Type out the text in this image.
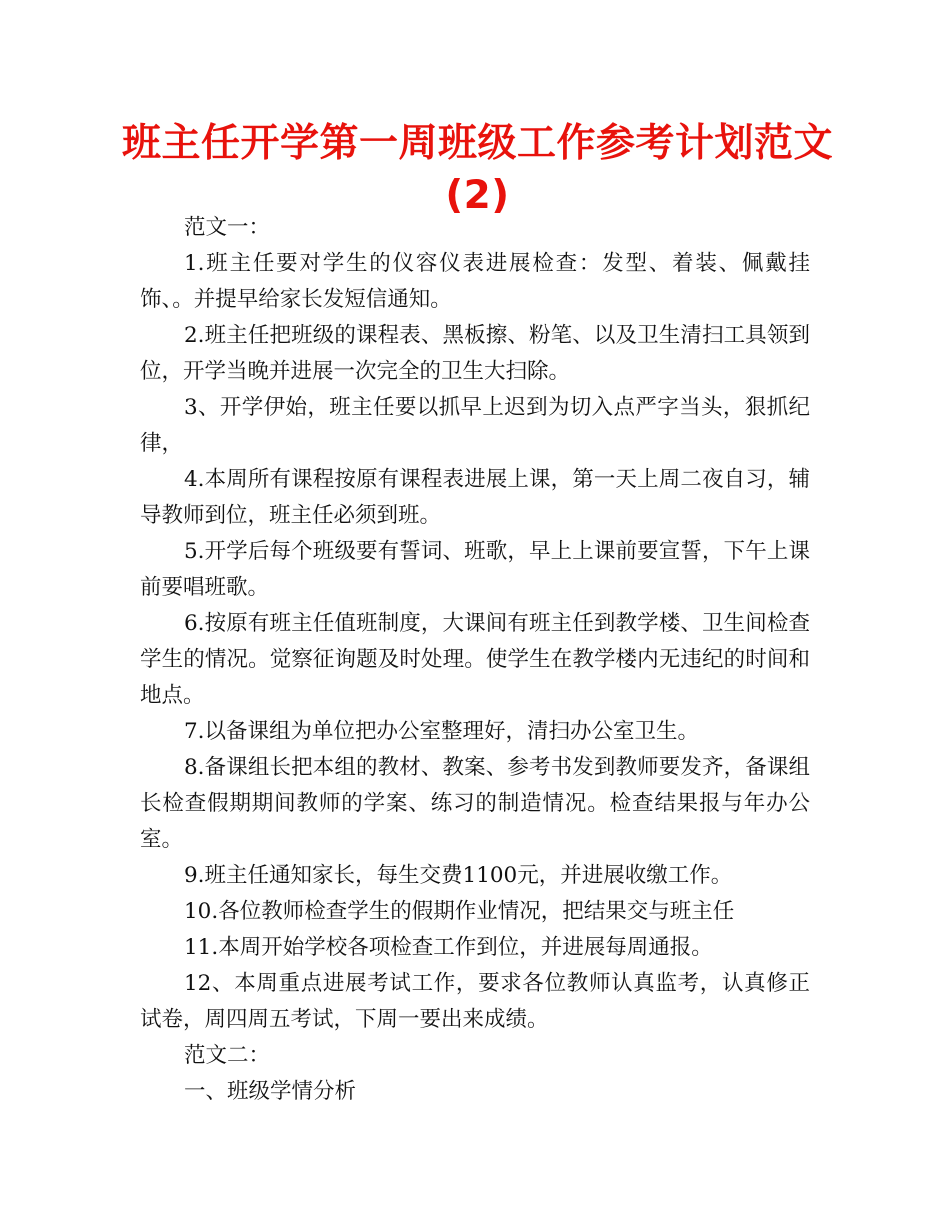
班主任开学第一周班级工作参考计划范文(2)

范文一：

1.班主任要对学生的仪容仪表进展检查：发型、着装、佩戴挂饰、。并提早给家长发短信通知。

2.班主任把班级的课程表、黑板擦、粉笔、以及卫生清扫工具领到位，开学当晚并进展一次完全的卫生大扫除。

3、开学伊始，班主任要以抓早上迟到为切入点严字当头，狠抓纪律，

4.本周所有课程按原有课程表进展上课，第一天上周二夜自习，辅导教师到位，班主任必须到班。

5.开学后每个班级要有誓词、班歌，早上上课前要宣誓，下午上课前要唱班歌。

6.按原有班主任值班制度，大课间有班主任到教学楼、卫生间检查学生的情况。觉察征询题及时处理。使学生在教学楼内无违纪的时间和地点。

7.以备课组为单位把办公室整理好，清扫办公室卫生。

8.备课组长把本组的教材、教案、参考书发到教师要发齐，备课组长检查假期期间教师的学案、练习的制造情况。检查结果报与年办公室。

9.班主任通知家长，每生交费1100元，并进展收缴工作。

10.各位教师检查学生的假期作业情况，把结果交与班主任

11.本周开始学校各项检查工作到位，并进展每周通报。

12、本周重点进展考试工作，要求各位教师认真监考，认真修正试卷，周四周五考试，下周一要出来成绩。

范文二：

一、班级学情分析
